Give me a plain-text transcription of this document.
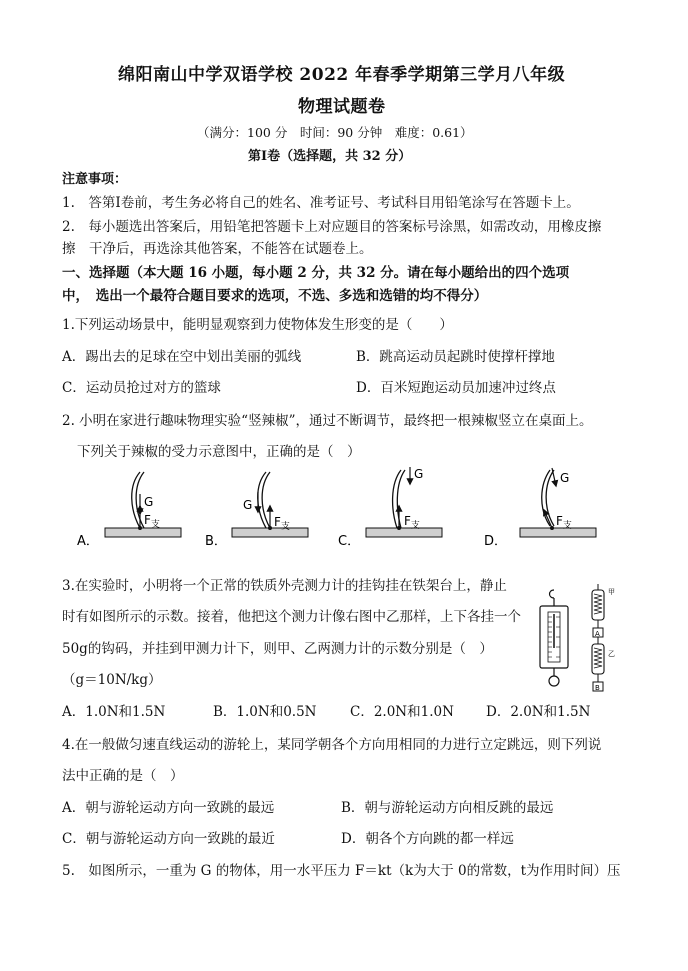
绵阳南山中学双语学校 2022 年春季学期第三学月八年级
物理试题卷
（满分：100 分　时间：90 分钟　难度：0.61）
第Ⅰ卷（选择题，共 32 分）
注意事项：
1.　答第Ⅰ卷前，考生务必将自己的姓名、准考证号、考试科目用铅笔涂写在答题卡上。
2.　每小题选出答案后，用铅笔把答题卡上对应题目的答案标号涂黑，如需改动，用橡皮擦
擦　干净后，再选涂其他答案，不能答在试题卷上。
一、选择题（本大题 16 小题，每小题 2 分，共 32 分。请在每小题给出的四个选项
中，　选出一个最符合题目要求的选项，不选、多选和选错的均不得分）
1.下列运动场景中，能明显观察到力使物体发生形变的是（　　）
A．踢出去的足球在空中划出美丽的弧线	B．跳高运动员起跳时使撑杆撑地
C．运动员抢过对方的篮球	D．百米短跑运动员加速冲过终点
2. 小明在家进行趣味物理实验“竖辣椒”，通过不断调节，最终把一根辣椒竖立在桌面上。
下列关于辣椒的受力示意图中，正确的是（　）
G
$F_支$
A．
G
$F_支$
B．
G
$F_支$
C．
G
$F_支$
D．
3.在实验时，小明将一个正常的铁质外壳测力计的挂钩挂在铁架台上，静止
时有如图所示的示数。接着，他把这个测力计像右图中乙那样，上下各挂一个
50g的钩码，并挂到甲测力计下，则甲、乙两测力计的示数分别是（　）
（g＝10N/kg）
甲
A
乙
B
A．1.0N和1.5N	B．1.0N和0.5N C．2.0N和1.0N D．2.0N和1.5N
4.在一般做匀速直线运动的游轮上，某同学朝各个方向用相同的力进行立定跳远，则下列说
法中正确的是（　）
A．朝与游轮运动方向一致跳的最远	B．朝与游轮运动方向相反跳的最远
C．朝与游轮运动方向一致跳的最近	D．朝各个方向跳的都一样远
5.　如图所示，一重为 G 的物体，用一水平压力 F＝kt（k为大于 0的常数，t为作用时间）压
